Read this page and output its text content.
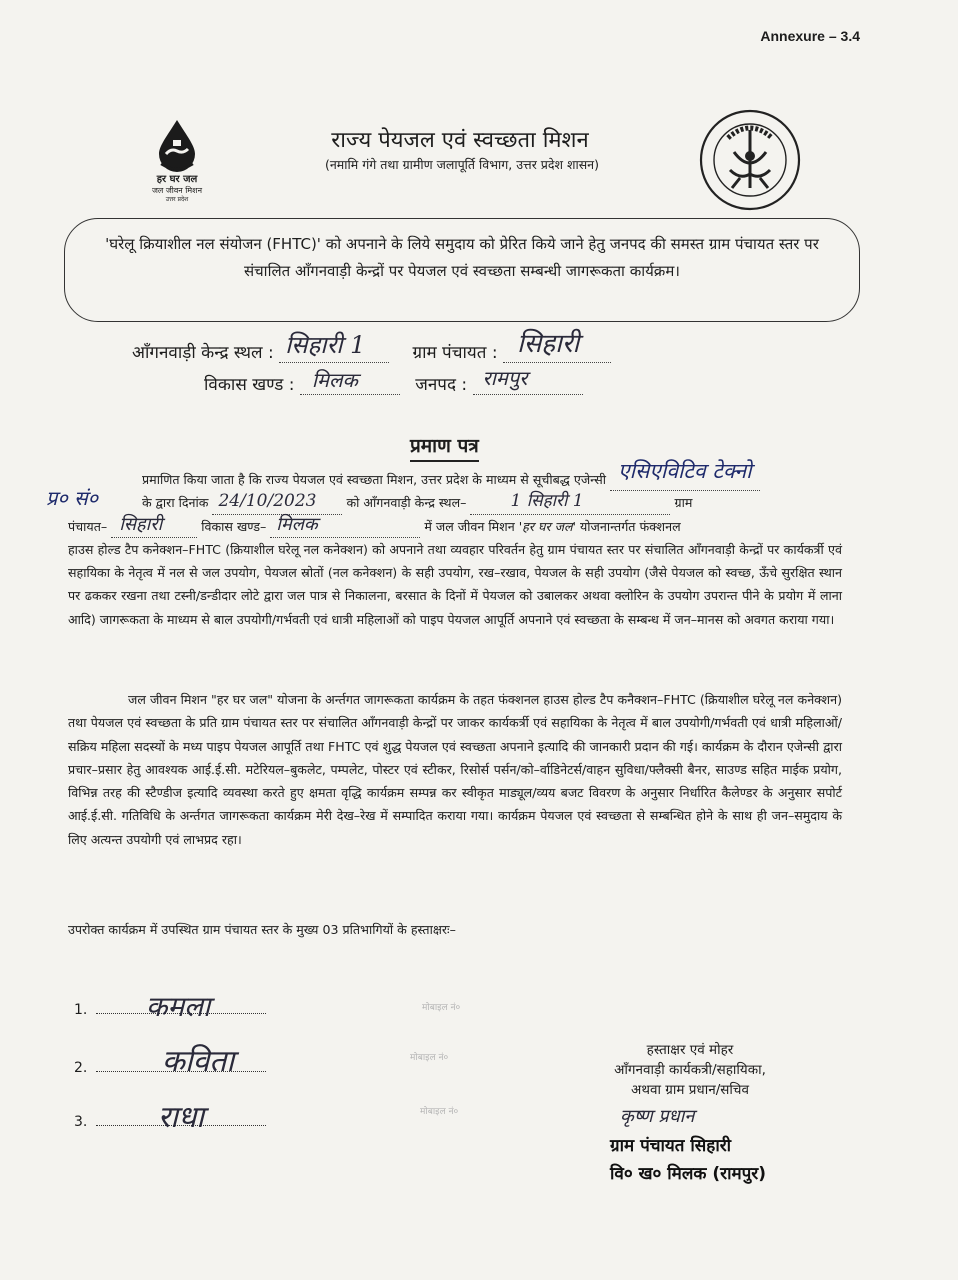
Annexure – 3.4
हर घर जल
जल जीवन मिशन
उत्तर प्रदेश
राज्य पेयजल एवं स्वच्छता मिशन
(नमामि गंगे तथा ग्रामीण जलापूर्ति विभाग, उत्तर प्रदेश शासन)
'घरेलू क्रियाशील नल संयोजन (FHTC)' को अपनाने के लिये समुदाय को प्रेरित किये जाने हेतु जनपद की समस्त ग्राम पंचायत स्तर पर संचालित आँगनवाड़ी केन्द्रों पर पेयजल एवं स्वच्छता सम्बन्धी जागरूकता कार्यक्रम।
आँगनवाड़ी केन्द्र स्थल : सिहारी 1	ग्राम पंचायत : सिहारी
विकास खण्ड : मिलक	जनपद : रामपुर
प्रमाण पत्र
प्र० सं०

प्रमाणित किया जाता है कि राज्य पेयजल एवं स्वच्छता मिशन, उत्तर प्रदेश के माध्यम से सूचीबद्ध एजेन्सी एसिएविटिव टेक्नो

के द्वारा दिनांक 24/10/2023 को आँगनवाड़ी केन्द्र स्थल–	1 सिहारी 1	ग्राम

पंचायत– सिहारी	विकास खण्ड– मिलक	में जल जीवन मिशन 'हर घर जल' योजनान्तर्गत फंक्शनल

हाउस होल्ड टैप कनेक्शन–FHTC (क्रियाशील घरेलू नल कनेक्शन) को अपनाने तथा व्यवहार परिवर्तन हेतु ग्राम पंचायत स्तर पर संचालित आँगनवाड़ी केन्द्रों पर कार्यकर्त्री एवं सहायिका के नेतृत्व में नल से जल उपयोग, पेयजल स्रोतों (नल कनेक्शन) के सही उपयोग, रख–रखाव, पेयजल के सही उपयोग (जैसे पेयजल को स्वच्छ, ऊँचे सुरक्षित स्थान पर ढककर रखना तथा टस्नी/डन्डीदार लोटे द्वारा जल पात्र से निकालना, बरसात के दिनों में पेयजल को उबालकर अथवा क्लोरिन के उपयोग उपरान्त पीने के प्रयोग में लाना आदि) जागरूकता के माध्यम से बाल उपयोगी/गर्भवती एवं धात्री महिलाओं को पाइप पेयजल आपूर्ति अपनाने एवं स्वच्छता के सम्बन्ध में जन–मानस को अवगत कराया गया।

जल जीवन मिशन "हर घर जल" योजना के अर्न्तगत जागरूकता कार्यक्रम के तहत फंक्शनल हाउस होल्ड टैप कनैक्शन–FHTC (क्रियाशील घरेलू नल कनेक्शन) तथा पेयजल एवं स्वच्छता के प्रति ग्राम पंचायत स्तर पर संचालित आँगनवाड़ी केन्द्रों पर जाकर कार्यकर्त्री एवं सहायिका के नेतृत्व में बाल उपयोगी/गर्भवती एवं धात्री महिलाओं/सक्रिय महिला सदस्यों के मध्य पाइप पेयजल आपूर्ति तथा FHTC एवं शुद्ध पेयजल एवं स्वच्छता अपनाने इत्यादि की जानकारी प्रदान की गई। कार्यक्रम के दौरान एजेन्सी द्वारा प्रचार–प्रसार हेतु आवश्यक आई.ई.सी. मटेरियल–बुकलेट, पम्पलेट, पोस्टर एवं स्टीकर, रिसोर्स पर्सन/को–र्वाडिनेटर्स/वाहन सुविधा/फ्लैक्सी बैनर, साउण्ड सहित माईक प्रयोग, विभिन्न तरह की स्टैण्डीज इत्यादि व्यवस्था करते हुए क्षमता वृद्धि कार्यक्रम सम्पन्न कर स्वीकृत माड्यूल/व्यय बजट विवरण के अनुसार निर्धारित कैलेण्डर के अनुसार सपोर्ट आई.ई.सी. गतिविधि के अर्न्तगत जागरूकता कार्यक्रम मेरी देख–रेख में सम्पादित कराया गया। कार्यक्रम पेयजल एवं स्वच्छता से सम्बन्धित होने के साथ ही जन–समुदाय के लिए अत्यन्त उपयोगी एवं लाभप्रद रहा।
उपरोक्त कार्यक्रम में उपस्थित ग्राम पंचायत स्तर के मुख्य 03 प्रतिभागियों के हस्ताक्षरः–
1. कमला
2. कविता
3. राधा
मोबाइल नं०
मोबाइल नं०
मोबाइल नं०
हस्ताक्षर एवं मोहर
आँगनवाड़ी कार्यकत्री/सहायिका,
अथवा ग्राम प्रधान/सचिव
कृष्ण प्रधान
ग्राम पंचायत सिहारी
वि० ख० मिलक (रामपुर)
